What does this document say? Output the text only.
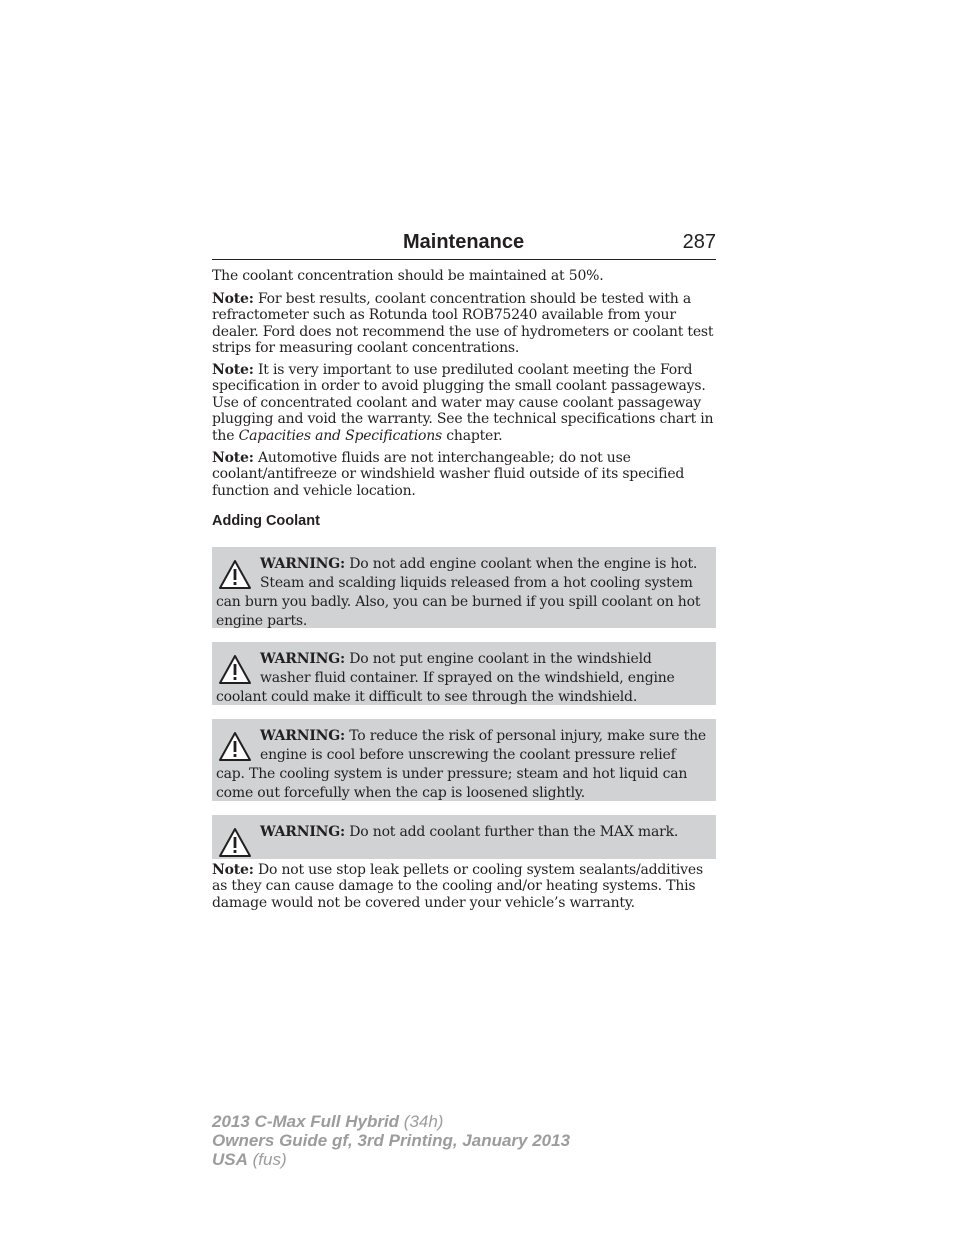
Maintenance	287

The coolant concentration should be maintained at 50%.

Note: For best results, coolant concentration should be tested with a refractometer such as Rotunda tool ROB75240 available from your dealer. Ford does not recommend the use of hydrometers or coolant test strips for measuring coolant concentrations.

Note: It is very important to use prediluted coolant meeting the Ford specification in order to avoid plugging the small coolant passageways. Use of concentrated coolant and water may cause coolant passageway plugging and void the warranty. See the technical specifications chart in the Capacities and Specifications chapter.

Note: Automotive fluids are not interchangeable; do not use coolant/antifreeze or windshield washer fluid outside of its specified function and vehicle location.

Adding Coolant
WARNING: Do not add engine coolant when the engine is hot. Steam and scalding liquids released from a hot cooling system can burn you badly. Also, you can be burned if you spill coolant on hot engine parts.
WARNING: Do not put engine coolant in the windshield washer fluid container. If sprayed on the windshield, engine coolant could make it difficult to see through the windshield.
WARNING: To reduce the risk of personal injury, make sure the engine is cool before unscrewing the coolant pressure relief cap. The cooling system is under pressure; steam and hot liquid can come out forcefully when the cap is loosened slightly.
WARNING: Do not add coolant further than the MAX mark.

Note: Do not use stop leak pellets or cooling system sealants/additives as they can cause damage to the cooling and/or heating systems. This damage would not be covered under your vehicle’s warranty.

2013 C-Max Full Hybrid (34h)
Owners Guide gf, 3rd Printing, January 2013
USA (fus)
